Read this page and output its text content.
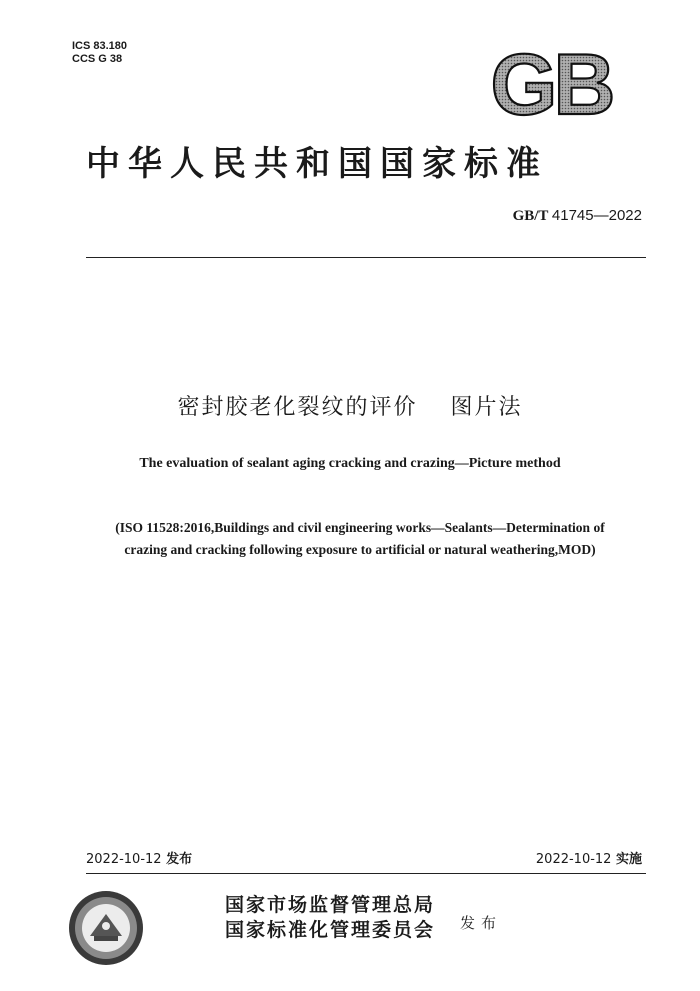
ICS 83.180
CCS G 38	GB
中华人民共和国国家标准
GB/T 41745—2022
密封胶老化裂纹的评价　 图片法
The evaluation of sealant aging cracking and crazing—Picture method
(ISO 11528:2016,Buildings and civil engineering works—Sealants—Determination of
crazing and cracking following exposure to artificial or natural weathering,MOD)
2022-10-12 发布	2022-10-12 实施
国家市场监督管理总局
国家标准化管理委员会 发布
